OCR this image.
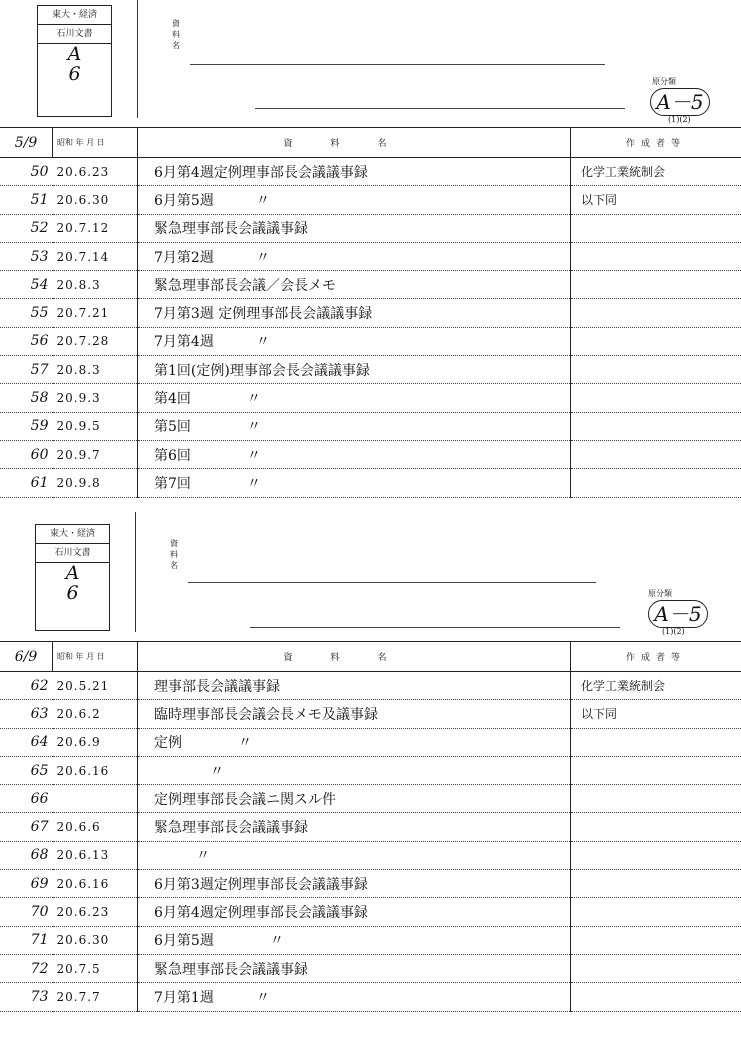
東大・経済
石川文書
A
6
資料名
原分類
A－5
(1)(2)
5/9	昭和 年 月 日	資料名	作成者等
50	20.6.23	6月第4週定例理事部長会議議事録	化学工業統制会
51	20.6.30	6月第5週　　　〃	以下同
52	20.7.12	緊急理事部長会議議事録	
53	20.7.14	7月第2週　　　〃	
54	20.8.3	緊急理事部長会議／会長メモ	
55	20.7.21	7月第3週 定例理事部長会議議事録	
56	20.7.28	7月第4週　　　〃	
57	20.8.3	第1回(定例)理事部会長会議議事録	
58	20.9.3	第4回　　　　〃	
59	20.9.5	第5回　　　　〃	
60	20.9.7	第6回　　　　〃	
61	20.9.8	第7回　　　　〃	
東大・経済
石川文書
A
6
資料名
原分類
A－5
(1)(2)
6/9	昭和 年 月 日	資料名	作成者等
62	20.5.21	理事部長会議議事録	化学工業統制会
63	20.6.2	臨時理事部長会議会長メモ及議事録	以下同
64	20.6.9	定例　　　　〃	
65	20.6.16	　　　　〃	
66		定例理事部長会議ニ関スル件	
67	20.6.6	緊急理事部長会議議事録	
68	20.6.13	　　　〃	
69	20.6.16	6月第3週定例理事部長会議議事録	
70	20.6.23	6月第4週定例理事部長会議議事録	
71	20.6.30	6月第5週　　　　〃	
72	20.7.5	緊急理事部長会議議事録	
73	20.7.7	7月第1週　　　〃	
